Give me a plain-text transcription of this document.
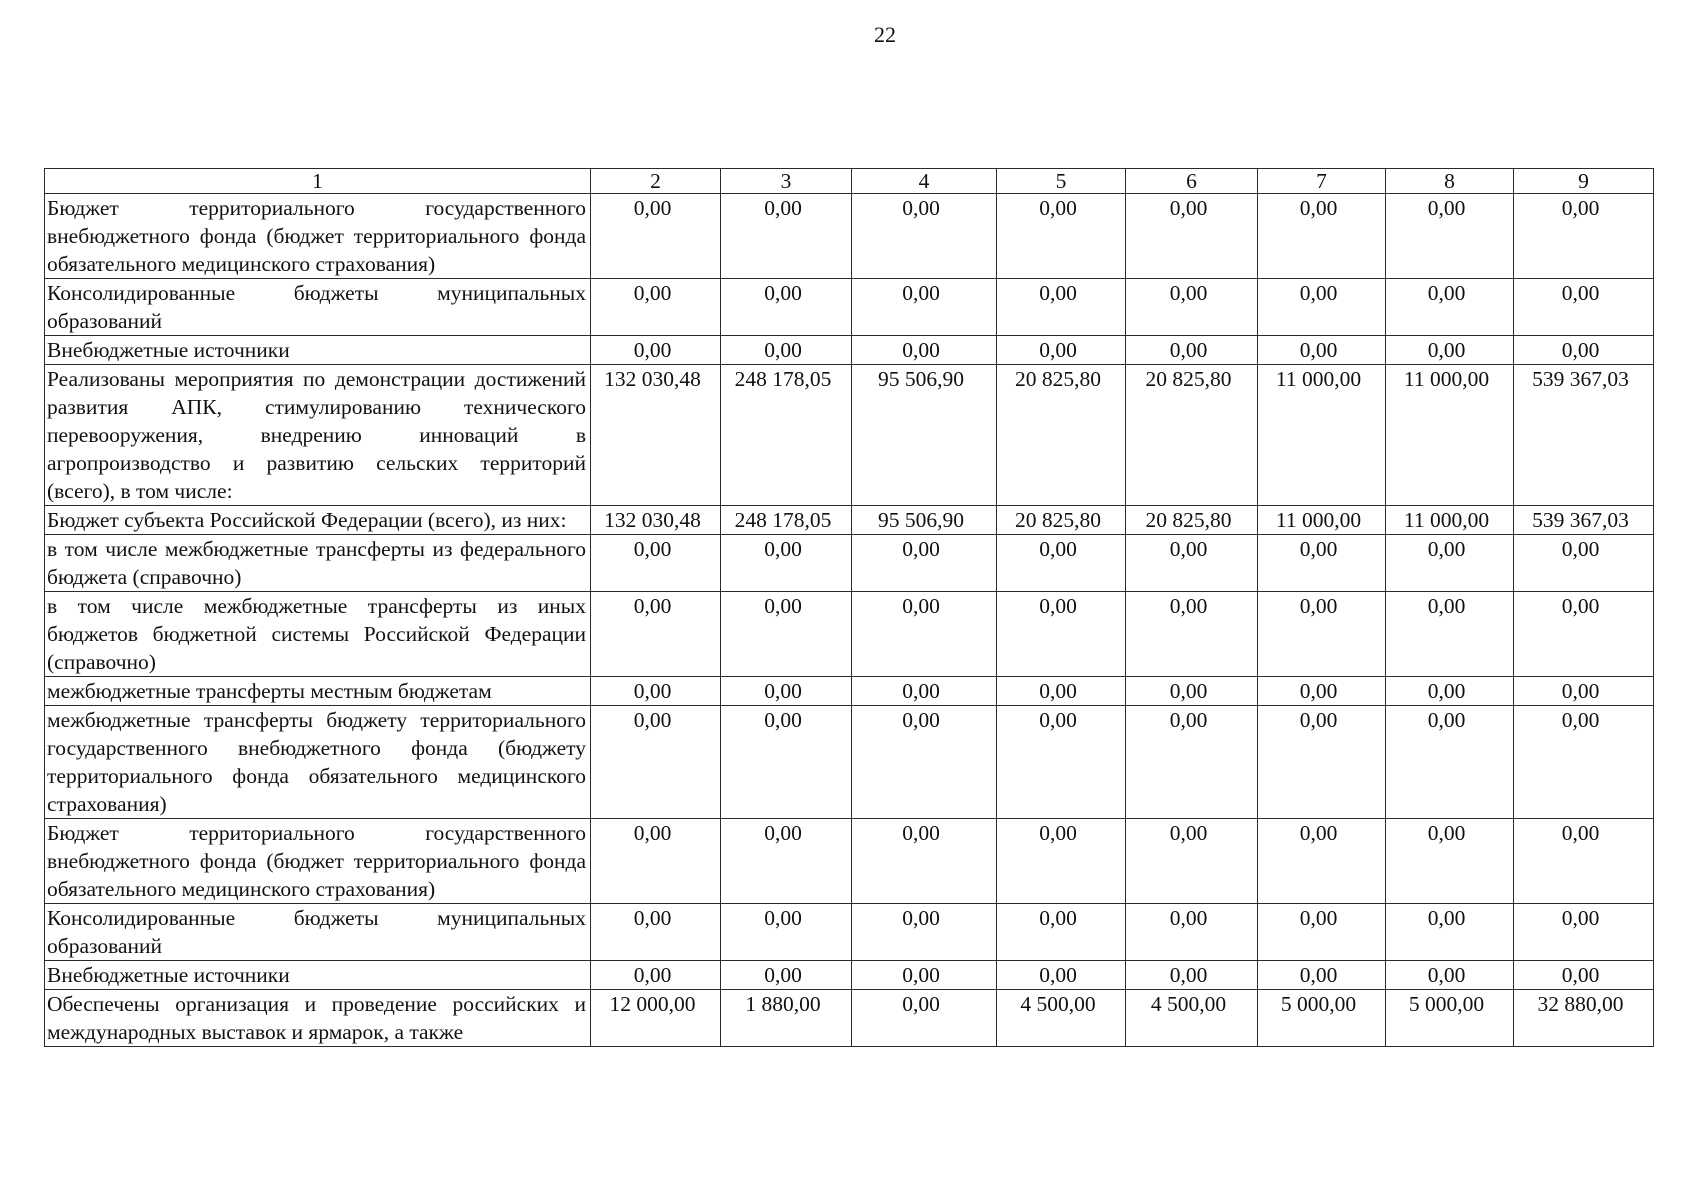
22
1	2	3	4	5	6	7	8	9
Бюджет территориального государственного внебюджетного фонда (бюджет территориального фонда обязательного медицинского страхования)	0,00	0,00	0,00	0,00	0,00	0,00	0,00	0,00
Консолидированные бюджеты муниципальных образований	0,00	0,00	0,00	0,00	0,00	0,00	0,00	0,00
Внебюджетные источники	0,00	0,00	0,00	0,00	0,00	0,00	0,00	0,00
Реализованы мероприятия по демонстрации достижений развития АПК, стимулированию технического перевооружения, внедрению инноваций в агропроизводство и развитию сельских территорий (всего), в том числе:	132 030,48	248 178,05	95 506,90	20 825,80	20 825,80	11 000,00	11 000,00	539 367,03
Бюджет субъекта Российской Федерации (всего), из них:	132 030,48	248 178,05	95 506,90	20 825,80	20 825,80	11 000,00	11 000,00	539 367,03
в том числе межбюджетные трансферты из федерального бюджета (справочно)	0,00	0,00	0,00	0,00	0,00	0,00	0,00	0,00
в том числе межбюджетные трансферты из иных бюджетов бюджетной системы Российской Федерации (справочно)	0,00	0,00	0,00	0,00	0,00	0,00	0,00	0,00
межбюджетные трансферты местным бюджетам	0,00	0,00	0,00	0,00	0,00	0,00	0,00	0,00
межбюджетные трансферты бюджету территориального государственного внебюджетного фонда (бюджету территориального фонда обязательного медицинского страхования)	0,00	0,00	0,00	0,00	0,00	0,00	0,00	0,00
Бюджет территориального государственного внебюджетного фонда (бюджет территориального фонда обязательного медицинского страхования)	0,00	0,00	0,00	0,00	0,00	0,00	0,00	0,00
Консолидированные бюджеты муниципальных образований	0,00	0,00	0,00	0,00	0,00	0,00	0,00	0,00
Внебюджетные источники	0,00	0,00	0,00	0,00	0,00	0,00	0,00	0,00
Обеспечены организация и проведение российских и международных выставок и ярмарок, а также	12 000,00	1 880,00	0,00	4 500,00	4 500,00	5 000,00	5 000,00	32 880,00
